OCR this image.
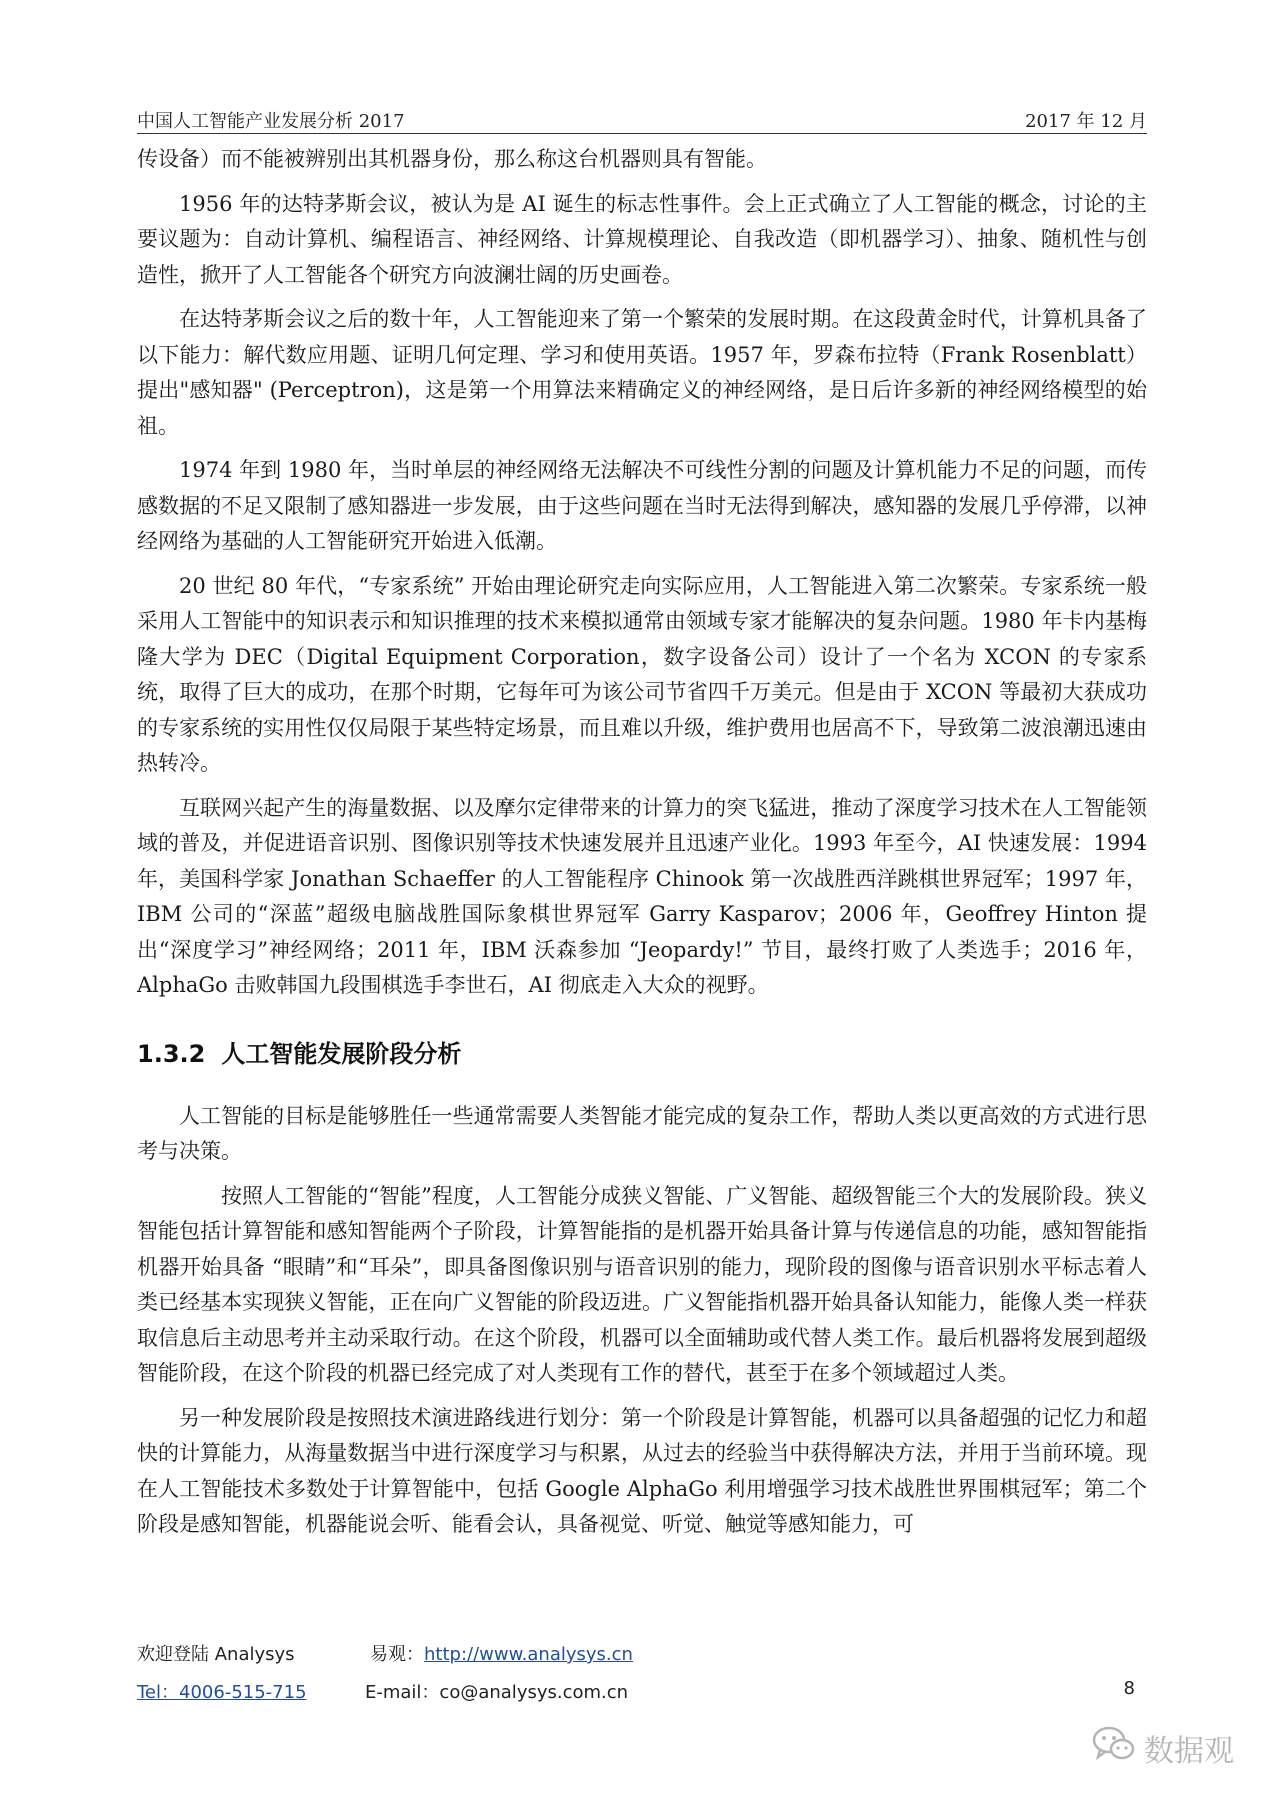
中国人工智能产业发展分析 2017	2017 年 12 月

传设备）而不能被辨别出其机器身份，那么称这台机器则具有智能。

1956 年的达特茅斯会议，被认为是 AI 诞生的标志性事件。会上正式确立了人工智能的概念，讨论的主要议题为：自动计算机、编程语言、神经网络、计算规模理论、自我改造（即机器学习）、抽象、随机性与创造性，掀开了人工智能各个研究方向波澜壮阔的历史画卷。

在达特茅斯会议之后的数十年，人工智能迎来了第一个繁荣的发展时期。在这段黄金时代，计算机具备了以下能力：解代数应用题、证明几何定理、学习和使用英语。1957 年，罗森布拉特（Frank Rosenblatt）提出"感知器" (Perceptron)，这是第一个用算法来精确定义的神经网络，是日后许多新的神经网络模型的始祖。

1974 年到 1980 年，当时单层的神经网络无法解决不可线性分割的问题及计算机能力不足的问题，而传感数据的不足又限制了感知器进一步发展，由于这些问题在当时无法得到解决，感知器的发展几乎停滞，以神经网络为基础的人工智能研究开始进入低潮。

20 世纪 80 年代，“专家系统” 开始由理论研究走向实际应用，人工智能进入第二次繁荣。专家系统一般采用人工智能中的知识表示和知识推理的技术来模拟通常由领域专家才能解决的复杂问题。1980 年卡内基梅隆大学为 DEC（Digital Equipment Corporation，数字设备公司）设计了一个名为 XCON 的专家系统，取得了巨大的成功，在那个时期，它每年可为该公司节省四千万美元。但是由于 XCON 等最初大获成功的专家系统的实用性仅仅局限于某些特定场景，而且难以升级，维护费用也居高不下，导致第二波浪潮迅速由热转冷。

互联网兴起产生的海量数据、以及摩尔定律带来的计算力的突飞猛进，推动了深度学习技术在人工智能领域的普及，并促进语音识别、图像识别等技术快速发展并且迅速产业化。1993 年至今，AI 快速发展：1994 年，美国科学家 Jonathan Schaeffer 的人工智能程序 Chinook 第一次战胜西洋跳棋世界冠军；1997 年，IBM 公司的“深蓝”超级电脑战胜国际象棋世界冠军 Garry Kasparov；2006 年，Geoffrey Hinton 提出“深度学习”神经网络；2011 年，IBM 沃森参加 “Jeopardy!” 节目，最终打败了人类选手；2016 年，AlphaGo 击败韩国九段围棋选手李世石，AI 彻底走入大众的视野。

1.3.2 人工智能发展阶段分析

人工智能的目标是能够胜任一些通常需要人类智能才能完成的复杂工作，帮助人类以更高效的方式进行思考与决策。

按照人工智能的“智能”程度，人工智能分成狭义智能、广义智能、超级智能三个大的发展阶段。狭义智能包括计算智能和感知智能两个子阶段，计算智能指的是机器开始具备计算与传递信息的功能，感知智能指机器开始具备 “眼睛”和“耳朵”，即具备图像识别与语音识别的能力，现阶段的图像与语音识别水平标志着人类已经基本实现狭义智能，正在向广义智能的阶段迈进。广义智能指机器开始具备认知能力，能像人类一样获取信息后主动思考并主动采取行动。在这个阶段，机器可以全面辅助或代替人类工作。最后机器将发展到超级智能阶段，在这个阶段的机器已经完成了对人类现有工作的替代，甚至于在多个领域超过人类。

另一种发展阶段是按照技术演进路线进行划分：第一个阶段是计算智能，机器可以具备超强的记忆力和超快的计算能力，从海量数据当中进行深度学习与积累，从过去的经验当中获得解决方法，并用于当前环境。现在人工智能技术多数处于计算智能中，包括 Google AlphaGo 利用增强学习技术战胜世界围棋冠军；第二个阶段是感知智能，机器能说会听、能看会认，具备视觉、听觉、触觉等感知能力，可

欢迎登陆 Analysys
Tel：4006-515-715
易观：http://www.analysys.cn
E-mail：co@analysys.com.cn	8
数据观
